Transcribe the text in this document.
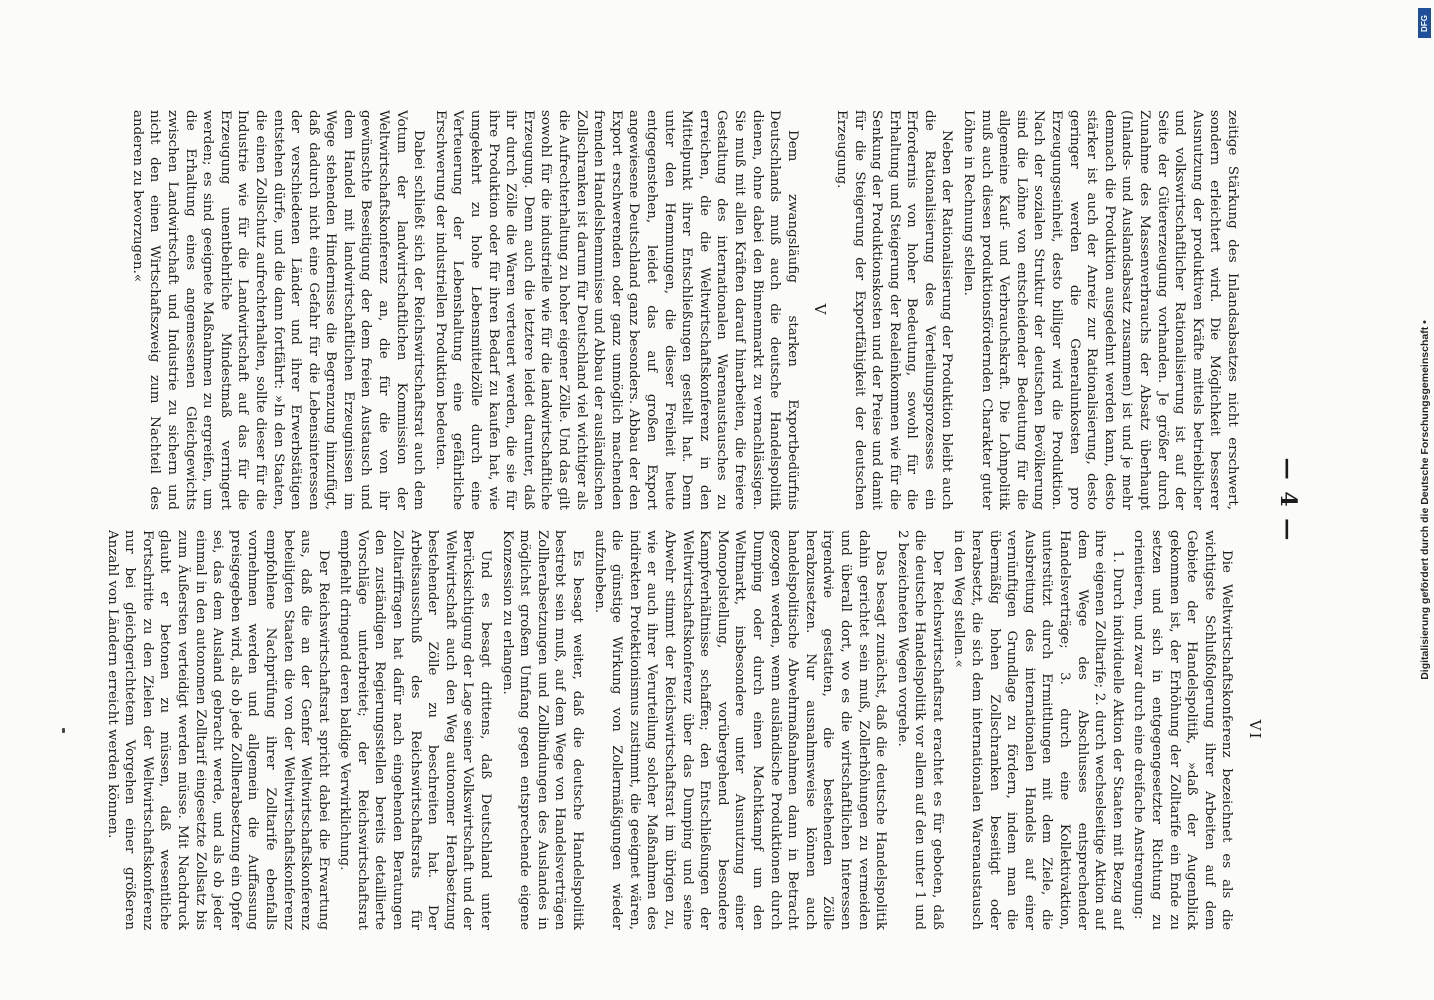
— 4 —

zeitige Stärkung des Inlandsabsatzes nicht erschwert, sondern erleichtert wird. Die Möglichkeit besserer Ausnutzung der produktiven Kräfte mittels betrieblicher und volkswirtschaftlicher Rationalisierung ist auf der Seite der Gütererzeugung vorhanden. Je größer durch Zunahme des Massenverbrauchs der Absatz überhaupt (Inlands- und Auslandsabsatz zusammen) ist und je mehr demnach die Produktion ausgedehnt werden kann, desto stärker ist auch der Anreiz zur Rationalisierung, desto geringer werden die Generalunkosten pro Erzeugungseinheit, desto billiger wird die Produktion. Nach der sozialen Struktur der deutschen Bevölkerung sind die Löhne von entscheidender Bedeutung für die allgemeine Kauf- und Verbrauchskraft. Die Lohnpolitik muß auch diesen produktionsfördernden Charakter guter Löhne in Rechnung stellen.

Neben der Rationalisierung der Produktion bleibt auch die Rationalisierung des Verteilungsprozesses ein Erfordernis von hoher Bedeutung, sowohl für die Erhaltung und Steigerung der Realeinkommen wie für die Senkung der Produktionskosten und der Preise und damit für die Steigerung der Exportfähigkeit der deutschen Erzeugung.

V

Dem zwangsläufig starken Exportbedürfnis Deutschlands muß auch die deutsche Handelspolitik dienen, ohne dabei den Binnenmarkt zu vernachlässigen. Sie muß mit allen Kräften darauf hinarbeiten, die freiere Gestaltung des internationalen Warenaustausches zu erreichen, die die Weltwirtschaftskonferenz in den Mittelpunkt ihrer Entschließungen gestellt hat. Denn unter den Hemmungen, die dieser Freiheit heute entgegenstehen, leidet das auf großen Export angewiesene Deutschland ganz besonders. Abbau der den Export erschwerenden oder ganz unmöglich machenden fremden Handelshemmnisse und Abbau der ausländischen Zollschranken ist darum für Deutschland viel wichtiger als die Aufrechterhaltung zu hoher eigener Zölle. Und das gilt sowohl für die industrielle wie für die landwirtschaftliche Erzeugung. Denn auch die letztere leidet darunter, daß ihr durch Zölle die Waren verteuert werden, die sie für ihre Produktion oder für ihren Bedarf zu kaufen hat, wie umgekehrt zu hohe Lebensmittelzölle durch eine Verteuerung der Lebenshaltung eine gefährliche Erschwerung der industriellen Produktion bedeuten.

Dabei schließt sich der Reichswirtschaftsrat auch dem Votum der landwirtschaftlichen Kommission der Weltwirtschaftskonferenz an, die für die von ihr gewünschte Beseitigung der dem freien Austausch und dem Handel mit landwirtschaftlichen Erzeugnissen im Wege stehenden Hindernisse die Begrenzung hinzufügt, daß dadurch nicht eine Gefahr für die Lebensinteressen der verschiedenen Länder und ihrer Erwerbstätigen entstehen dürfe, und die dann fortfährt: »In den Staaten, die einen Zollschutz aufrechterhalten, sollte dieser für die Industrie wie für die Landwirtschaft auf das für die Erzeugung unentbehrliche Mindestmaß verringert werden; es sind geeignete Maßnahmen zu ergreifen, um die Erhaltung eines angemessenen Gleichgewichts zwischen Landwirtschaft und Industrie zu sichern und nicht den einen Wirtschaftszweig zum Nachteil des anderen zu bevorzugen.«

VI

Die Weltwirtschaftskonferenz bezeichnet es als die wichtigste Schlußfolgerung ihrer Arbeiten auf dem Gebiete der Handelspolitik, »daß der Augenblick gekommen ist, der Erhöhung der Zolltarife ein Ende zu setzen und sich in entgegengesetzter Richtung zu orientieren, und zwar durch eine dreifache Anstrengung:

1. Durch individuelle Aktion der Staaten mit Bezug auf ihre eigenen Zolltarife; 2. durch wechselseitige Aktion auf dem Wege des Abschlusses entsprechender Handelsverträge; 3. durch eine Kollektivaktion, unterstützt durch Ermittlungen mit dem Ziele, die Ausbreitung des internationalen Handels auf einer vernünftigen Grundlage zu fördern, indem man die übermäßig hohen Zollschranken beseitigt oder herabsetzt, die sich dem internationalen Warenaustausch in den Weg stellen.«

Der Reichswirtschaftsrat erachtet es für geboten, daß die deutsche Handelspolitik vor allem auf den unter 1 und 2 bezeichneten Wegen vorgehe.

Das besagt zunächst, daß die deutsche Handelspolitik dahin gerichtet sein muß, Zollerhöhungen zu vermeiden und überall dort, wo es die wirtschaftlichen Interessen irgendwie gestatten, die bestehenden Zölle herabzusetzen. Nur ausnahmsweise können auch handelspolitische Abwehrmaßnahmen dann in Betracht gezogen werden, wenn ausländische Produktionen durch Dumping oder durch einen Machtkampf um den Weltmarkt, insbesondere unter Ausnutzung einer Monopolstellung, vorübergehend besondere Kampfverhältnisse schaffen; den Entschließungen der Weltwirtschaftskonferenz über das Dumping und seine Abwehr stimmt der Reichswirtschaftsrat im übrigen zu, wie er auch ihrer Verurteilung solcher Maßnahmen des indirekten Protektionismus zustimmt, die geeignet wären, die günstige Wirkung von Zollermäßigungen wieder aufzuheben.

Es besagt weiter, daß die deutsche Handelspolitik bestrebt sein muß, auf dem Wege von Handelsverträgen Zollherabsetzungen und Zollbindungen des Auslandes in möglichst großem Umfang gegen entsprechende eigene Konzession zu erlangen.

Und es besagt drittens, daß Deutschland unter Berücksichtigung der Lage seiner Volkswirtschaft und der Weltwirtschaft auch den Weg autonomer Herabsetzung bestehender Zölle zu beschreiten hat. Der Arbeitsausschuß des Reichswirtschaftsrats für Zolltariffragen hat dafür nach eingehenden Beratungen den zuständigen Regierungsstellen bereits detaillierte Vorschläge unterbreitet; der Reichswirtschaftsrat empfiehlt dringend deren baldige Verwirklichung.

Der Reichswirtschaftsrat spricht dabei die Erwartung aus, daß die an der Genfer Weltwirtschaftskonferenz beteiligten Staaten die von der Weltwirtschaftskonferenz empfohlene Nachprüfung ihrer Zolltarife ebenfalls vornehmen werden und allgemein die Auffassung preisgegeben wird, als ob jede Zollherabsetzung ein Opfer sei, das dem Ausland gebracht werde, und als ob jeder einmal in den autonomen Zolltarif eingesetzte Zollsatz bis zum Äußersten verteidigt werden müsse. Mit Nachdruck glaubt er betonen zu müssen, daß wesentliche Fortschritte zu den Zielen der Weltwirtschaftskonferenz nur bei gleichgerichtetem Vorgehen einer größeren Anzahl von Ländern erreicht werden können.

Digitalisierung gefördert durch die Deutsche Forschungsgemeinschaft •
DFG
